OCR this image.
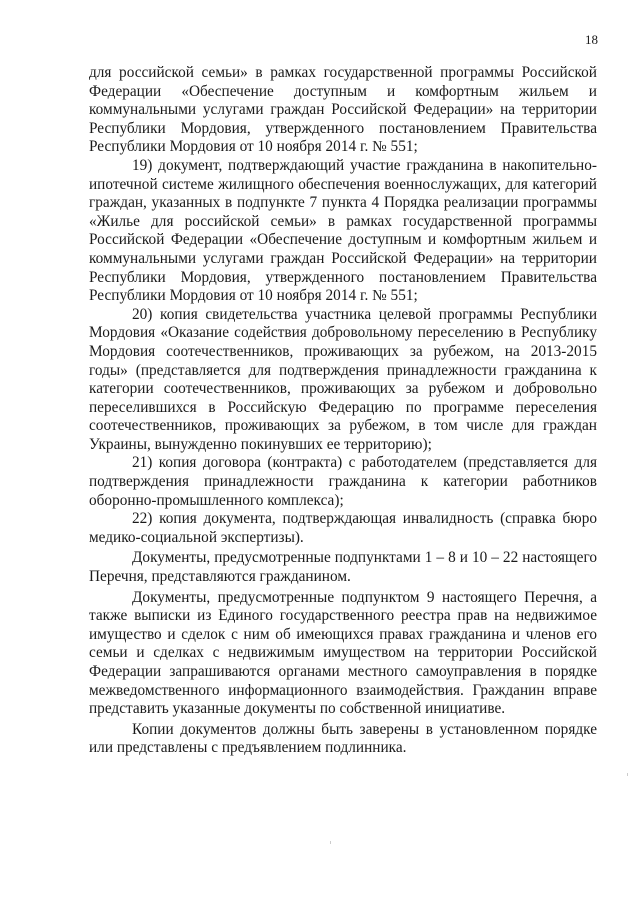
18

для российской семьи» в рамках государственной программы Российской Федерации «Обеспечение доступным и комфортным жильем и коммунальными услугами граждан Российской Федерации» на территории Республики Мордовия, утвержденного постановлением Правительства Республики Мордовия от 10 ноября 2014 г. № 551;

19) документ, подтверждающий участие гражданина в накопительно-ипотечной системе жилищного обеспечения военнослужащих, для категорий граждан, указанных в подпункте 7 пункта 4 Порядка реализации программы «Жилье для российской семьи» в рамках государственной программы Российской Федерации «Обеспечение доступным и комфортным жильем и коммунальными услугами граждан Российской Федерации» на территории Республики Мордовия, утвержденного постановлением Правительства Республики Мордовия от 10 ноября 2014 г. № 551;

20) копия свидетельства участника целевой программы Республики Мордовия «Оказание содействия добровольному переселению в Республику Мордовия соотечественников, проживающих за рубежом, на 2013-2015 годы» (представляется для подтверждения принадлежности гражданина к категории соотечественников, проживающих за рубежом и добровольно переселившихся в Российскую Федерацию по программе переселения соотечественников, проживающих за рубежом, в том числе для граждан Украины, вынужденно покинувших ее территорию);

21) копия договора (контракта) с работодателем (представляется для подтверждения принадлежности гражданина к категории работников оборонно-промышленного комплекса);

22) копия документа, подтверждающая инвалидность (справка бюро медико-социальной экспертизы).

Документы, предусмотренные подпунктами 1 – 8 и 10 – 22 настоящего Перечня, представляются гражданином.

Документы, предусмотренные подпунктом 9 настоящего Перечня, а также выписки из Единого государственного реестра прав на недвижимое имущество и сделок с ним об имеющихся правах гражданина и членов его семьи и сделках с недвижимым имуществом на территории Российской Федерации запрашиваются органами местного самоуправления в порядке межведомственного информационного взаимодействия. Гражданин вправе представить указанные документы по собственной инициативе.

Копии документов должны быть заверены в установленном порядке или представлены с предъявлением подлинника.
